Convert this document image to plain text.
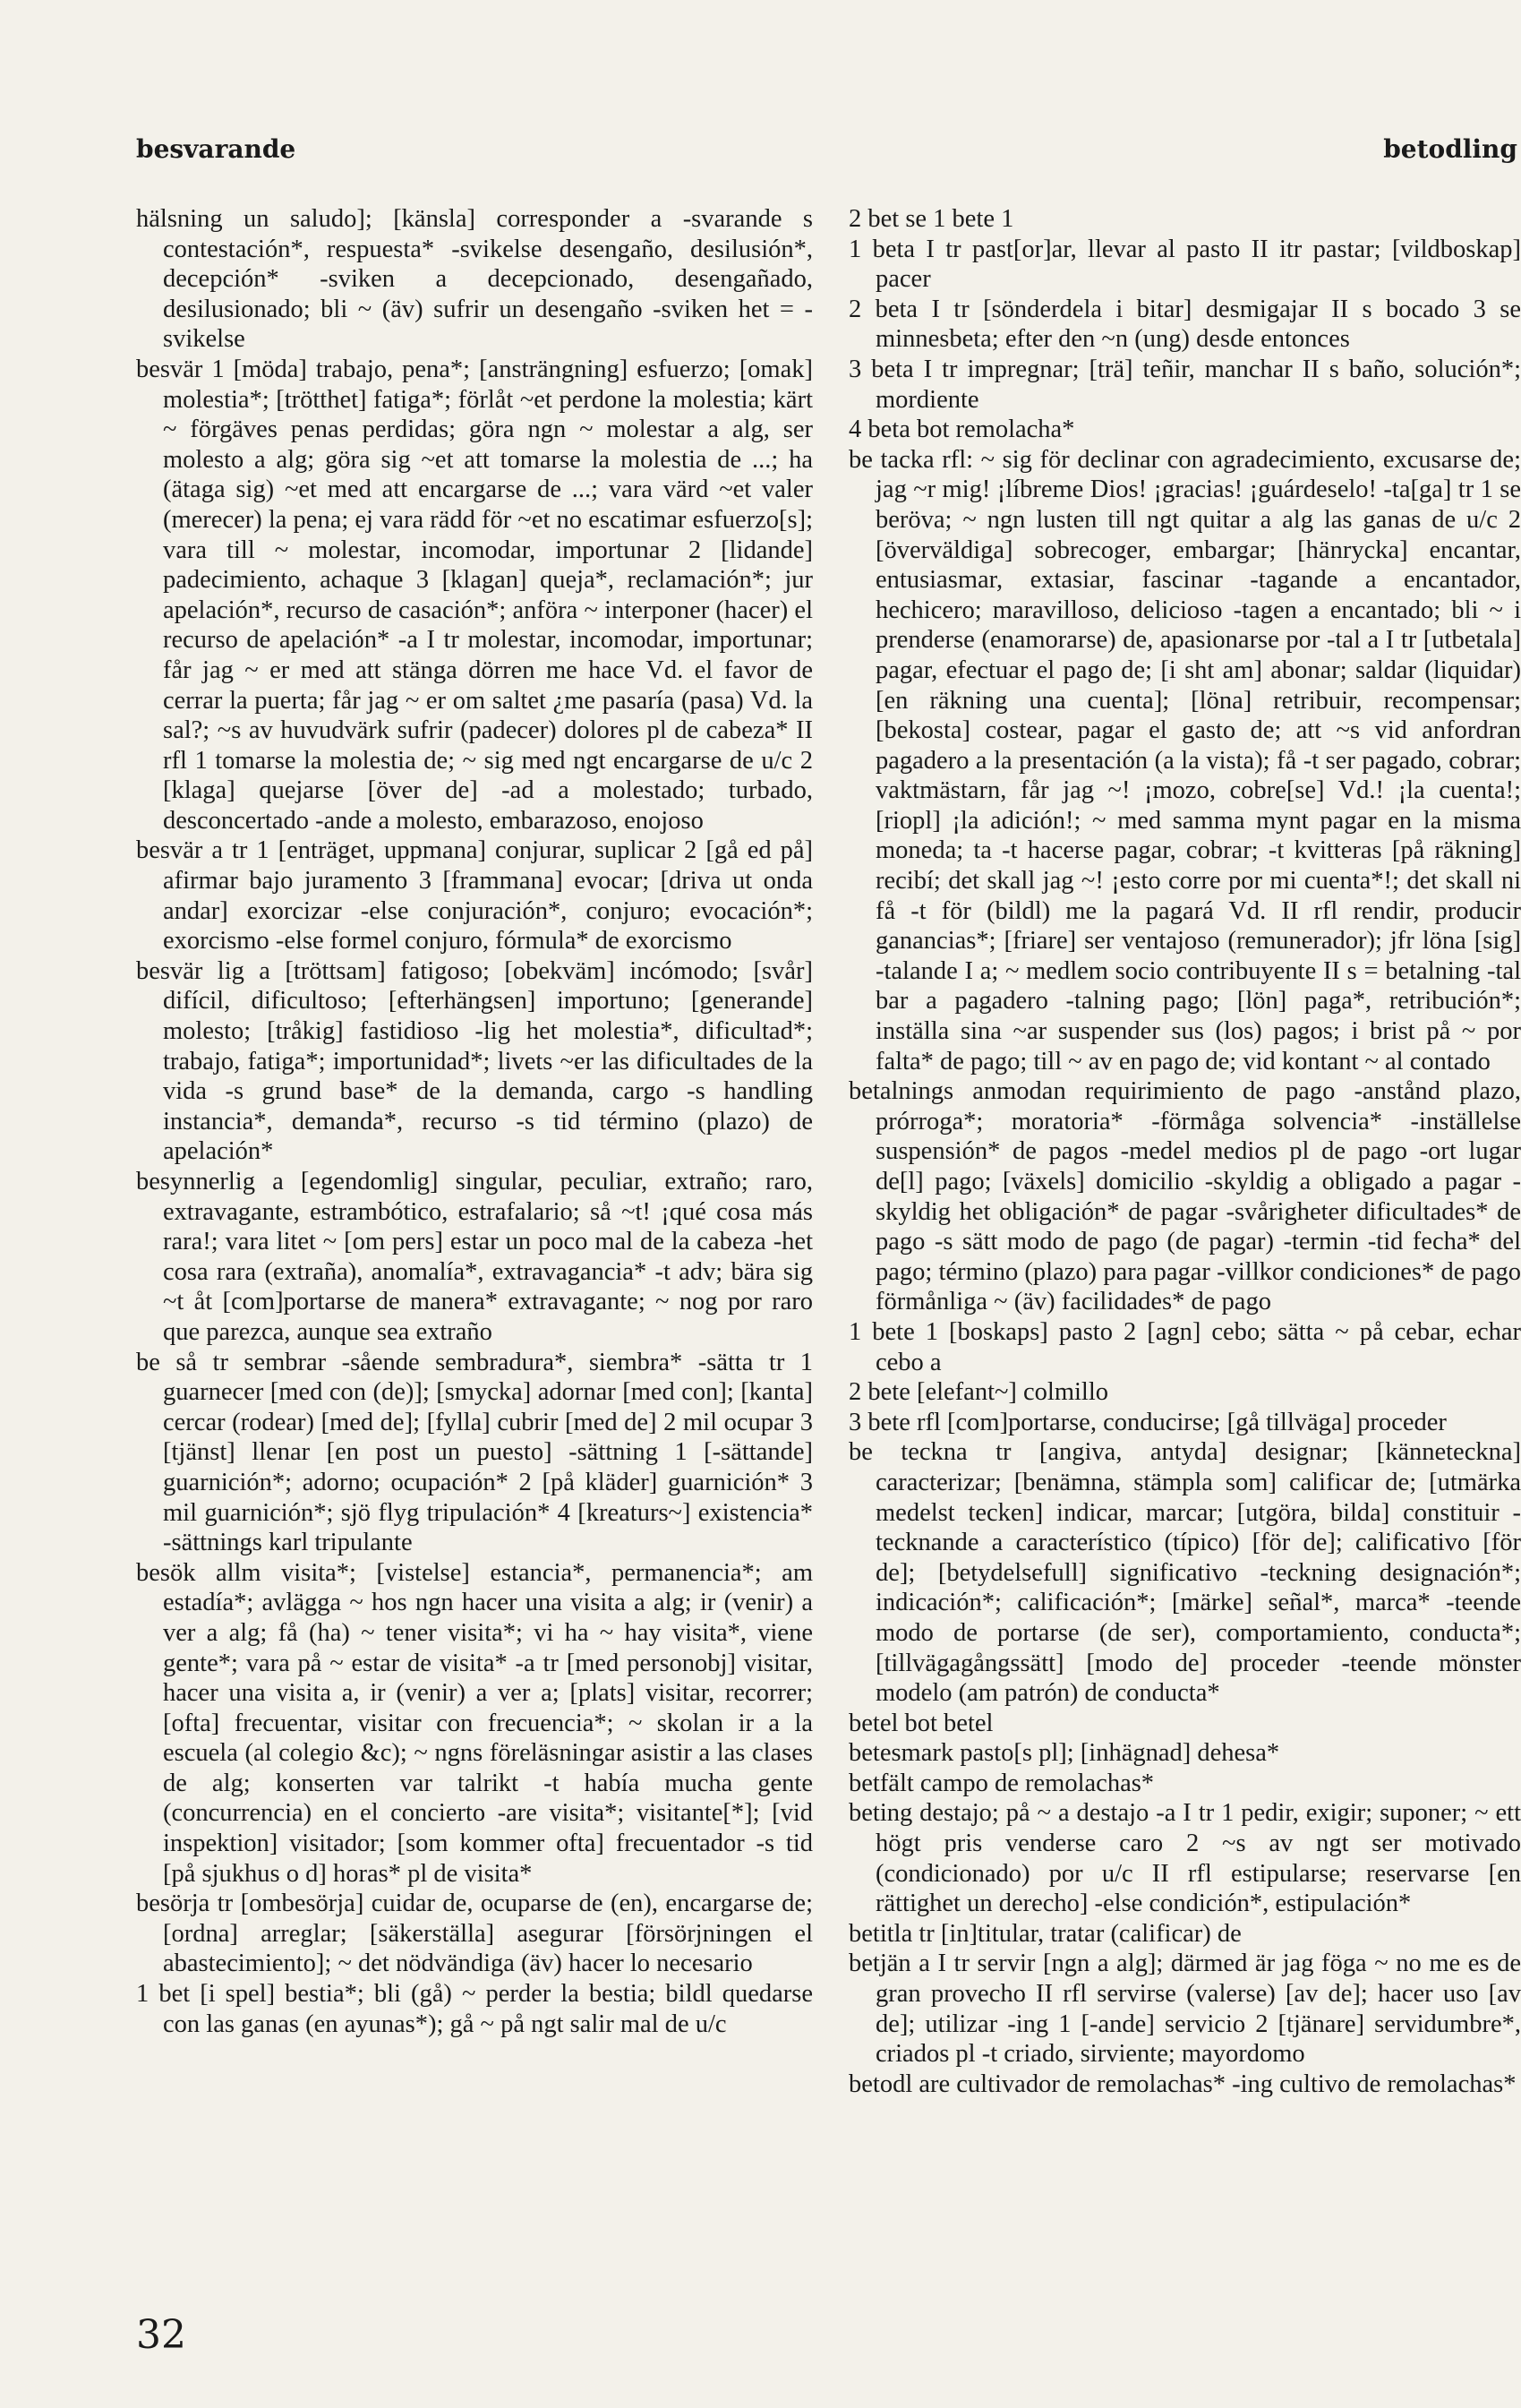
besvarande	betodling

hälsning un saludo]; [känsla] corresponder a -svarande s contestación*, respuesta* -svikelse desengaño, desilusión*, decepción* -sviken a decepcionado, desengañado, desilusionado; bli ~ (äv) sufrir un desengaño -sviken het = -svikelse

besvär 1 [möda] trabajo, pena*; [ansträngning] esfuerzo; [omak] molestia*; [trötthet] fatiga*; förlåt ~et perdone la molestia; kärt ~ förgäves penas perdidas; göra ngn ~ molestar a alg, ser molesto a alg; göra sig ~et att tomarse la molestia de ...; ha (ätaga sig) ~et med att encargarse de ...; vara värd ~et valer (merecer) la pena; ej vara rädd för ~et no escatimar esfuerzo[s]; vara till ~ molestar, incomodar, importunar 2 [lidande] padecimiento, achaque 3 [klagan] queja*, reclamación*; jur apelación*, recurso de casación*; anföra ~ interponer (hacer) el recurso de apelación* -a I tr molestar, incomodar, importunar; får jag ~ er med att stänga dörren me hace Vd. el favor de cerrar la puerta; får jag ~ er om saltet ¿me pasaría (pasa) Vd. la sal?; ~s av huvudvärk sufrir (padecer) dolores pl de cabeza* II rfl 1 tomarse la molestia de; ~ sig med ngt encargarse de u/c 2 [klaga] quejarse [över de] -ad a molestado; turbado, desconcertado -ande a molesto, embarazoso, enojoso

besvär a tr 1 [enträget, uppmana] conjurar, suplicar 2 [gå ed på] afirmar bajo juramento 3 [frammana] evocar; [driva ut onda andar] exorcizar -else conjuración*, conjuro; evocación*; exorcismo -else formel conjuro, fórmula* de exorcismo

besvär lig a [tröttsam] fatigoso; [obekväm] incómodo; [svår] difícil, dificultoso; [efterhängsen] importuno; [generande] molesto; [tråkig] fastidioso -lig het molestia*, dificultad*; trabajo, fatiga*; importunidad*; livets ~er las dificultades de la vida -s grund base* de la demanda, cargo -s handling instancia*, demanda*, recurso -s tid término (plazo) de apelación*

besynnerlig a [egendomlig] singular, peculiar, extraño; raro, extravagante, estrambótico, estrafalario; så ~t! ¡qué cosa más rara!; vara litet ~ [om pers] estar un poco mal de la cabeza -het cosa rara (extraña), anomalía*, extravagancia* -t adv; bära sig ~t åt [com]portarse de manera* extravagante; ~ nog por raro que parezca, aunque sea extraño

be så tr sembrar -sående sembradura*, siembra* -sätta tr 1 guarnecer [med con (de)]; [smycka] adornar [med con]; [kanta] cercar (rodear) [med de]; [fylla] cubrir [med de] 2 mil ocupar 3 [tjänst] llenar [en post un puesto] -sättning 1 [-sättande] guarnición*; adorno; ocupación* 2 [på kläder] guarnición* 3 mil guarnición*; sjö flyg tripulación* 4 [kreaturs~] existencia* -sättnings karl tripulante

besök allm visita*; [vistelse] estancia*, permanencia*; am estadía*; avlägga ~ hos ngn hacer una visita a alg; ir (venir) a ver a alg; få (ha) ~ tener visita*; vi ha ~ hay visita*, viene gente*; vara på ~ estar de visita* -a tr [med personobj] visitar, hacer una visita a, ir (venir) a ver a; [plats] visitar, recorrer; [ofta] frecuentar, visitar con frecuencia*; ~ skolan ir a la escuela (al colegio &c); ~ ngns föreläsningar asistir a las clases de alg; konserten var talrikt -t había mucha gente (concurrencia) en el concierto -are visita*; visitante[*]; [vid inspektion] visitador; [som kommer ofta] frecuentador -s tid [på sjukhus o d] horas* pl de visita*

besörja tr [ombesörja] cuidar de, ocuparse de (en), encargarse de; [ordna] arreglar; [säkerställa] asegurar [försörjningen el abastecimiento]; ~ det nödvändiga (äv) hacer lo necesario

1 bet [i spel] bestia*; bli (gå) ~ perder la bestia; bildl quedarse con las ganas (en ayunas*); gå ~ på ngt salir mal de u/c

2 bet se 1 bete 1

1 beta I tr past[or]ar, llevar al pasto II itr pastar; [vildboskap] pacer

2 beta I tr [sönderdela i bitar] desmigajar II s bocado 3 se minnesbeta; efter den ~n (ung) desde entonces

3 beta I tr impregnar; [trä] teñir, manchar II s baño, solución*; mordiente

4 beta bot remolacha*

be tacka rfl: ~ sig för declinar con agradecimiento, excusarse de; jag ~r mig! ¡líbreme Dios! ¡gracias! ¡guárdeselo! -ta[ga] tr 1 se beröva; ~ ngn lusten till ngt quitar a alg las ganas de u/c 2 [överväldiga] sobrecoger, embargar; [hänrycka] encantar, entusiasmar, extasiar, fascinar -tagande a encantador, hechicero; maravilloso, delicioso -tagen a encantado; bli ~ i prenderse (enamorarse) de, apasionarse por -tal a I tr [utbetala] pagar, efectuar el pago de; [i sht am] abonar; saldar (liquidar) [en räkning una cuenta]; [löna] retribuir, recompensar; [bekosta] costear, pagar el gasto de; att ~s vid anfordran pagadero a la presentación (a la vista); få -t ser pagado, cobrar; vaktmästarn, får jag ~! ¡mozo, cobre[se] Vd.! ¡la cuenta!; [riopl] ¡la adición!; ~ med samma mynt pagar en la misma moneda; ta -t hacerse pagar, cobrar; -t kvitteras [på räkning] recibí; det skall jag ~! ¡esto corre por mi cuenta*!; det skall ni få -t för (bildl) me la pagará Vd. II rfl rendir, producir ganancias*; [friare] ser ventajoso (remunerador); jfr löna [sig] -talande I a; ~ medlem socio contribuyente II s = betalning -tal bar a pagadero -talning pago; [lön] paga*, retribución*; inställa sina ~ar suspender sus (los) pagos; i brist på ~ por falta* de pago; till ~ av en pago de; vid kontant ~ al contado

betalnings anmodan requirimiento de pago -anstånd plazo, prórroga*; moratoria* -förmåga solvencia* -inställelse suspensión* de pagos -medel medios pl de pago -ort lugar de[l] pago; [växels] domicilio -skyldig a obligado a pagar -skyldig het obligación* de pagar -svårigheter dificultades* de pago -s sätt modo de pago (de pagar) -termin -tid fecha* del pago; término (plazo) para pagar -villkor condiciones* de pago förmånliga ~ (äv) facilidades* de pago

1 bete 1 [boskaps] pasto 2 [agn] cebo; sätta ~ på cebar, echar cebo a

2 bete [elefant~] colmillo

3 bete rfl [com]portarse, conducirse; [gå tillväga] proceder

be teckna tr [angiva, antyda] designar; [känneteckna] caracterizar; [benämna, stämpla som] calificar de; [utmärka medelst tecken] indicar, marcar; [utgöra, bilda] constituir -tecknande a característico (típico) [för de]; calificativo [för de]; [betydelsefull] significativo -teckning designación*; indicación*; calificación*; [märke] señal*, marca* -teende modo de portarse (de ser), comportamiento, conducta*; [tillvägagångssätt] [modo de] proceder -teende mönster modelo (am patrón) de conducta*

betel bot betel

betesmark pasto[s pl]; [inhägnad] dehesa*

betfält campo de remolachas*

beting destajo; på ~ a destajo -a I tr 1 pedir, exigir; suponer; ~ ett högt pris venderse caro 2 ~s av ngt ser motivado (condicionado) por u/c II rfl estipularse; reservarse [en rättighet un derecho] -else condición*, estipulación*

betitla tr [in]titular, tratar (calificar) de

betjän a I tr servir [ngn a alg]; därmed är jag föga ~ no me es de gran provecho II rfl servirse (valerse) [av de]; hacer uso [av de]; utilizar -ing 1 [-ande] servicio 2 [tjänare] servidumbre*, criados pl -t criado, sirviente; mayordomo

betodl are cultivador de remolachas* -ing cultivo de remolachas*

32
